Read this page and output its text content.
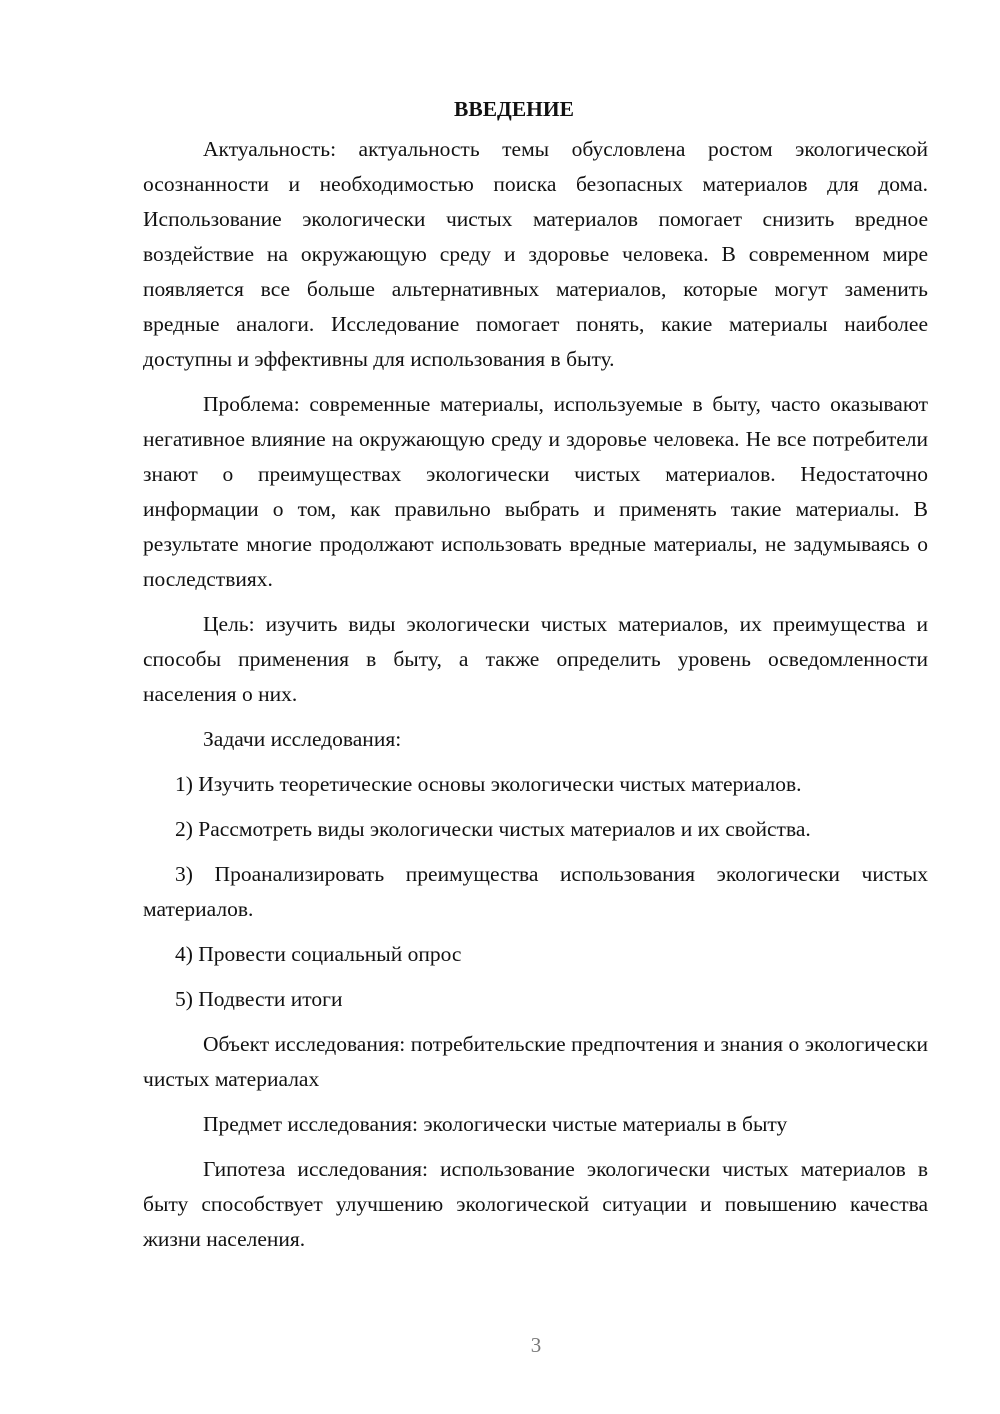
ВВЕДЕНИЕ

Актуальность: актуальность темы обусловлена ростом экологической осознанности и необходимостью поиска безопасных материалов для дома. Использование экологически чистых материалов помогает снизить вредное воздействие на окружающую среду и здоровье человека. В современном мире появляется все больше альтернативных материалов, которые могут заменить вредные аналоги. Исследование помогает понять, какие материалы наиболее доступны и эффективны для использования в быту.

Проблема: современные материалы, используемые в быту, часто оказывают негативное влияние на окружающую среду и здоровье человека. Не все потребители знают о преимуществах экологически чистых материалов. Недостаточно информации о том, как правильно выбрать и применять такие материалы. В результате многие продолжают использовать вредные материалы, не задумываясь о последствиях.

Цель: изучить виды экологически чистых материалов, их преимущества и способы применения в быту, а также определить уровень осведомленности населения о них.

Задачи исследования:

1) Изучить теоретические основы экологически чистых материалов.

2) Рассмотреть виды экологически чистых материалов и их свойства.

3) Проанализировать преимущества использования экологически чистых материалов.

4) Провести социальный опрос

5) Подвести итоги

Объект исследования: потребительские предпочтения и знания о экологически чистых материалах

Предмет исследования: экологически чистые материалы в быту

Гипотеза исследования: использование экологически чистых материалов в быту способствует улучшению экологической ситуации и повышению качества жизни населения.

3
